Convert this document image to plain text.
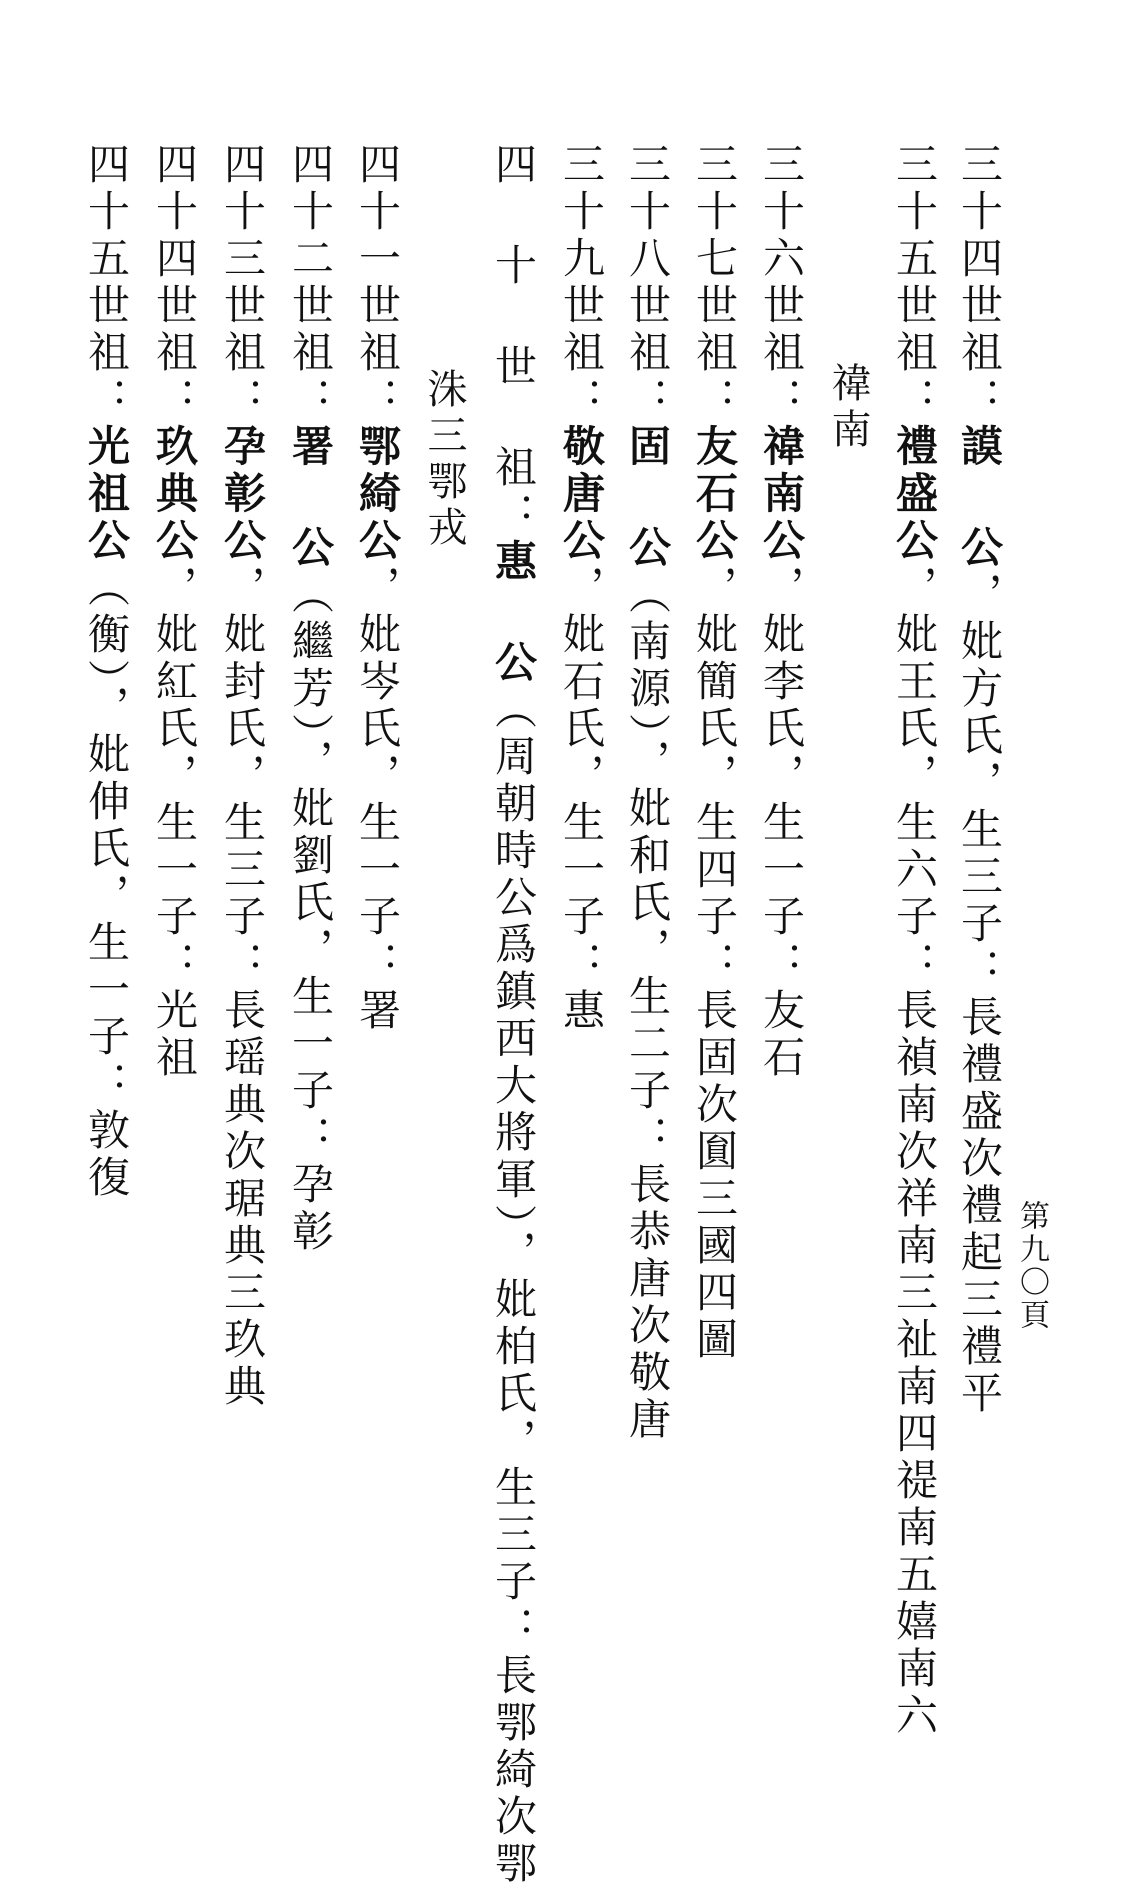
三十四世祖：謨 公，妣方氏，生三子：長禮盛次禮起三禮平
三十五世祖：禮盛公，妣王氏，生六子：長禎南次祥南三祉南四禔南五嬉南六
禕南
三十六世祖：禕南公，妣李氏，生一子：友石
三十七世祖：友石公，妣簡氏，生四子：長固次圎三國四圖
三十八世祖：固 公（南源），妣和氏，生二子：長恭唐次敬唐
三十九世祖：敬唐公，妣石氏，生一子：惠
四 十 世 祖：惠 公（周朝時公爲鎮西大將軍），妣柏氏，生三子：長鄂綺次鄂
洙三鄂戎
四十一世祖：鄂綺公，妣岑氏，生一子：署
四十二世祖：署 公（繼芳），妣劉氏，生一子：孕彰
四十三世祖：孕彰公，妣封氏，生三子：長瑶典次琚典三玖典
四十四世祖：玖典公，妣紅氏，生一子：光祖
四十五世祖：光祖公（衡），妣伸氏，生一子：敦復
第九〇頁
